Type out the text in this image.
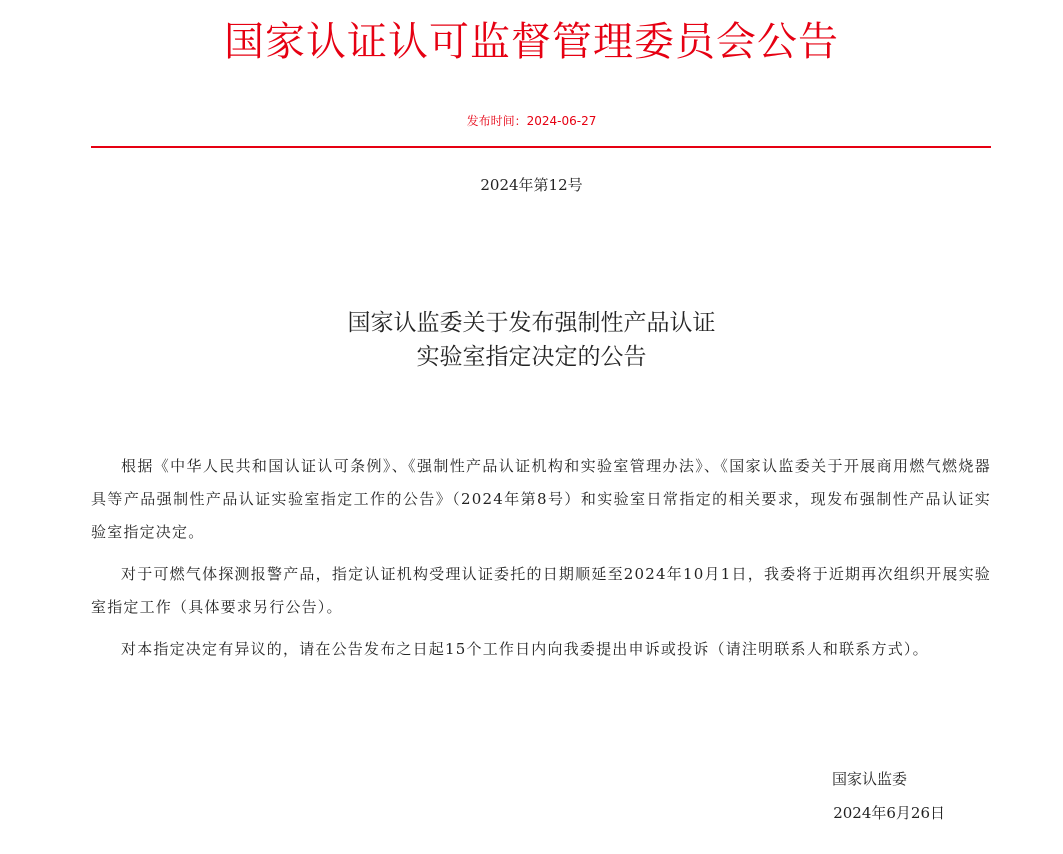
国家认证认可监督管理委员会公告
发布时间：2024-06-27
2024年第12号
国家认监委关于发布强制性产品认证
实验室指定决定的公告

根据《中华人民共和国认证认可条例》、《强制性产品认证机构和实验室管理办法》、《国家认监委关于开展商用燃气燃烧器具等产品强制性产品认证实验室指定工作的公告》（2024年第8号）和实验室日常指定的相关要求，现发布强制性产品认证实验室指定决定。

对于可燃气体探测报警产品，指定认证机构受理认证委托的日期顺延至2024年10月1日，我委将于近期再次组织开展实验室指定工作（具体要求另行公告）。

对本指定决定有异议的，请在公告发布之日起15个工作日内向我委提出申诉或投诉（请注明联系人和联系方式）。

国家认监委
2024年6月26日
